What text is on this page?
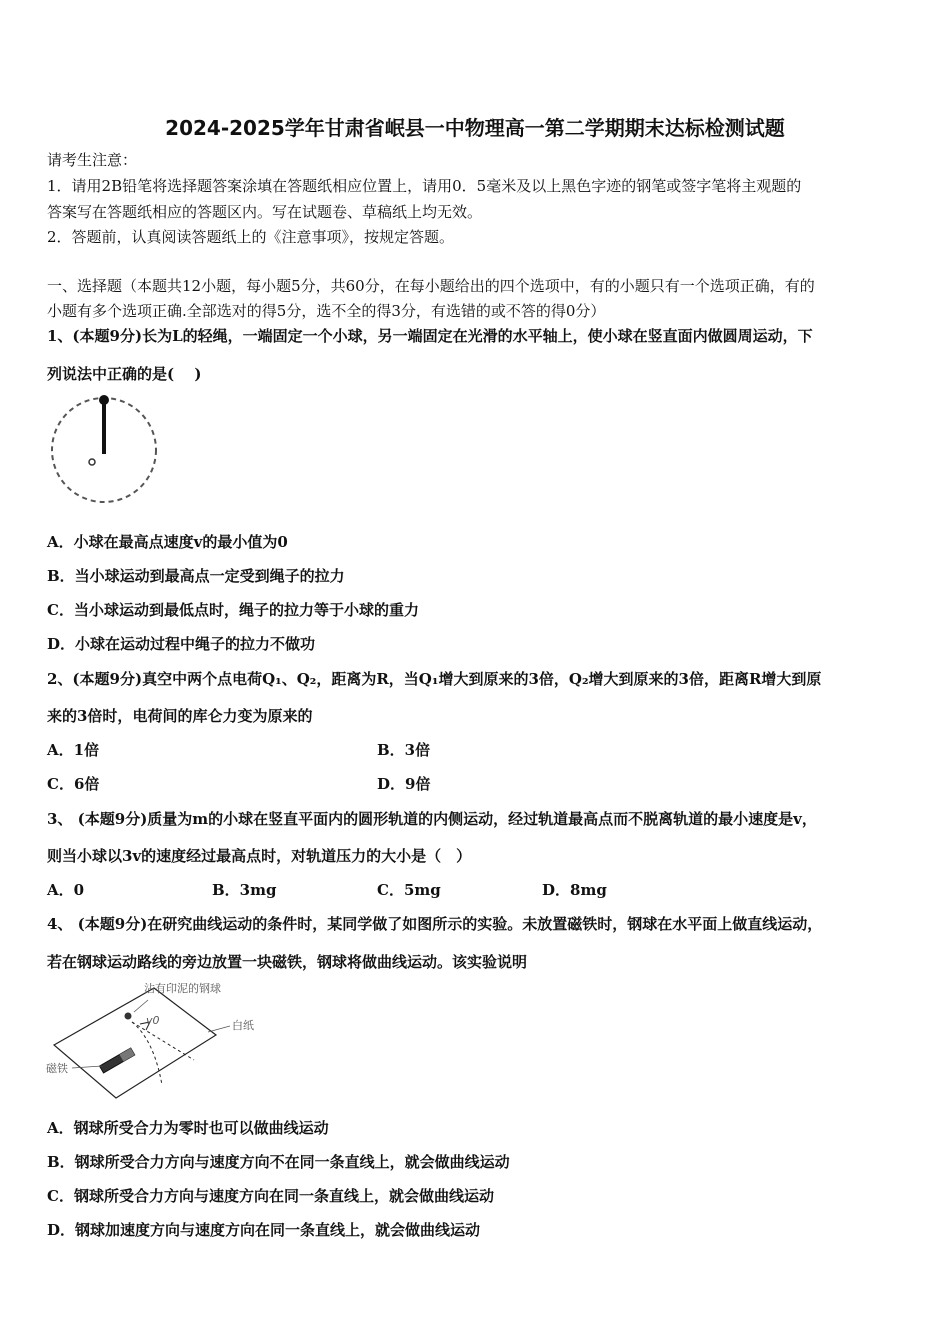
2024-2025学年甘肃省岷县一中物理高一第二学期期末达标检测试题
请考生注意：
1．请用2B铅笔将选择题答案涂填在答题纸相应位置上，请用0．5毫米及以上黑色字迹的钢笔或签字笔将主观题的
答案写在答题纸相应的答题区内。写在试题卷、草稿纸上均无效。
2．答题前，认真阅读答题纸上的《注意事项》，按规定答题。
一、选择题（本题共12小题，每小题5分，共60分，在每小题给出的四个选项中，有的小题只有一个选项正确，有的
小题有多个选项正确.全部选对的得5分，选不全的得3分，有选错的或不答的得0分）
1、(本题9分)长为L的轻绳，一端固定一个小球，另一端固定在光滑的水平轴上，使小球在竖直面内做圆周运动，下
列说法中正确的是(　 )
A．小球在最高点速度v的最小值为0
B．当小球运动到最高点一定受到绳子的拉力
C．当小球运动到最低点时，绳子的拉力等于小球的重力
D．小球在运动过程中绳子的拉力不做功
2、(本题9分)真空中两个点电荷Q₁、Q₂，距离为R，当Q₁增大到原来的3倍，Q₂增大到原来的3倍，距离R增大到原
来的3倍时，电荷间的库仑力变为原来的
A．1倍	B．3倍
C．6倍	D．9倍
3、 (本题9分)质量为m的小球在竖直平面内的圆形轨道的内侧运动，经过轨道最高点而不脱离轨道的最小速度是v，
则当小球以3v的速度经过最高点时，对轨道压力的大小是（　）
A．0	B．3mg	C．5mg	D．8mg
4、 (本题9分)在研究曲线运动的条件时，某同学做了如图所示的实验。未放置磁铁时，钢球在水平面上做直线运动，
若在钢球运动路线的旁边放置一块磁铁，钢球将做曲线运动。该实验说明
沾有印泥的钢球
白纸
磁铁
v0
A．钢球所受合力为零时也可以做曲线运动
B．钢球所受合力方向与速度方向不在同一条直线上，就会做曲线运动
C．钢球所受合力方向与速度方向在同一条直线上，就会做曲线运动
D．钢球加速度方向与速度方向在同一条直线上，就会做曲线运动
